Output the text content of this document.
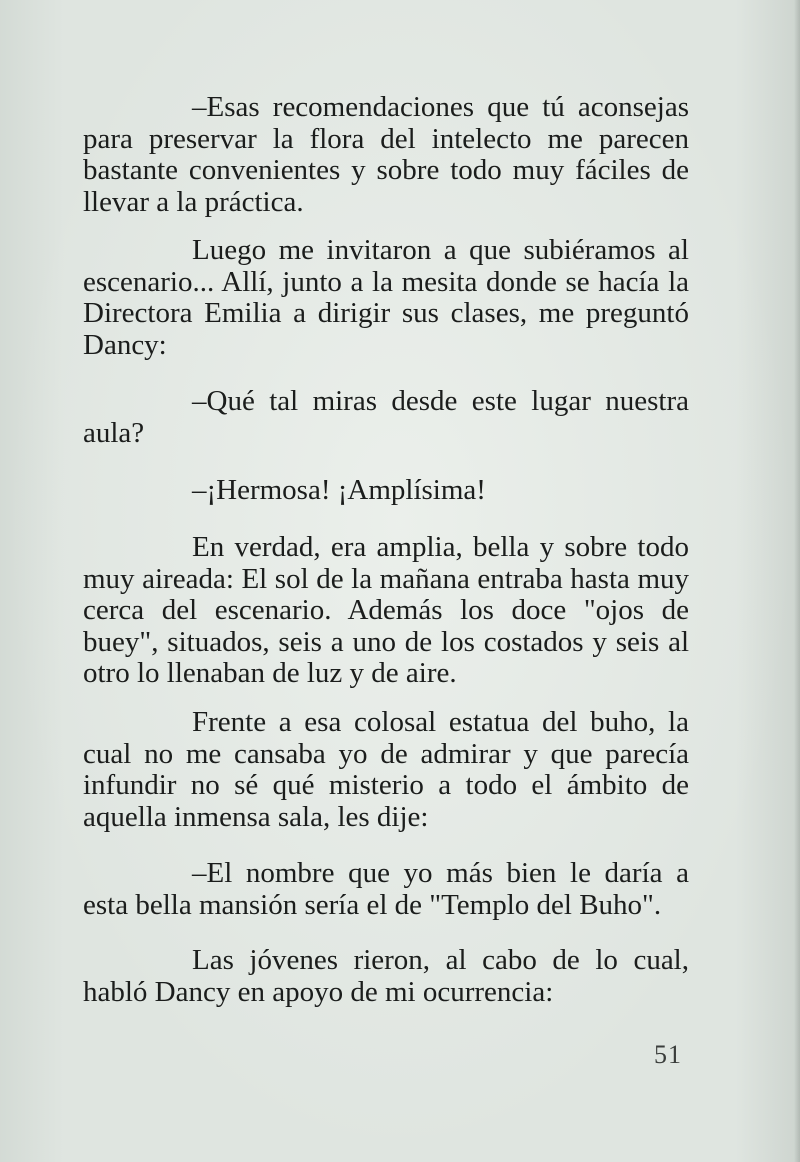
–Esas recomendaciones que tú aconsejas para preservar la flora del intelecto me parecen bastante convenientes y sobre todo muy fáciles de llevar a la práctica.

Luego me invitaron a que subiéramos al escenario... Allí, junto a la mesita donde se hacía la Directora Emilia a dirigir sus clases, me preguntó Dancy:

–Qué tal miras desde este lugar nuestra aula?

–¡Hermosa! ¡Amplísima!

En verdad, era amplia, bella y sobre todo muy aireada: El sol de la mañana entraba hasta muy cerca del escenario. Además los doce "ojos de buey", situados, seis a uno de los costados y seis al otro lo llenaban de luz y de aire.

Frente a esa colosal estatua del buho, la cual no me cansaba yo de admirar y que parecía infundir no sé qué misterio a todo el ámbito de aquella inmensa sala, les dije:

–El nombre que yo más bien le daría a esta bella mansión sería el de "Templo del Buho".

Las jóvenes rieron, al cabo de lo cual, habló Dancy en apoyo de mi ocurrencia:

51
